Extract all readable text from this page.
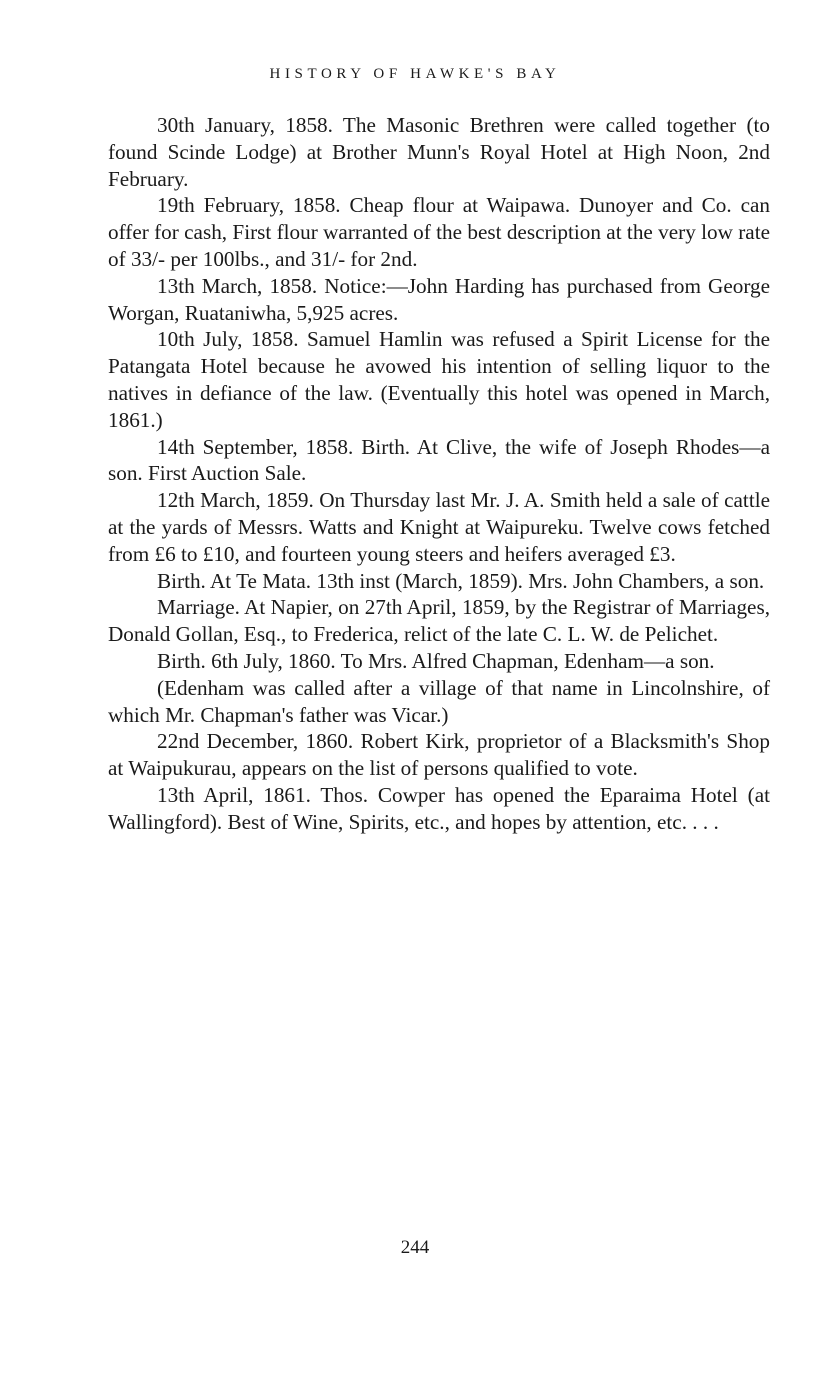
HISTORY OF HAWKE'S BAY

30th January, 1858. The Masonic Brethren were called together (to found Scinde Lodge) at Brother Munn's Royal Hotel at High Noon, 2nd February.

19th February, 1858. Cheap flour at Waipawa. Dunoyer and Co. can offer for cash, First flour warranted of the best description at the very low rate of 33/- per 100lbs., and 31/- for 2nd.

13th March, 1858. Notice:—John Harding has purchased from George Worgan, Ruataniwha, 5,925 acres.

10th July, 1858. Samuel Hamlin was refused a Spirit License for the Patangata Hotel because he avowed his intention of selling liquor to the natives in defiance of the law. (Eventually this hotel was opened in March, 1861.)

14th September, 1858. Birth. At Clive, the wife of Joseph Rhodes—a son. First Auction Sale.

12th March, 1859. On Thursday last Mr. J. A. Smith held a sale of cattle at the yards of Messrs. Watts and Knight at Waipureku. Twelve cows fetched from £6 to £10, and fourteen young steers and heifers averaged £3.

Birth. At Te Mata. 13th inst (March, 1859). Mrs. John Chambers, a son.

Marriage. At Napier, on 27th April, 1859, by the Registrar of Marriages, Donald Gollan, Esq., to Frederica, relict of the late C. L. W. de Pelichet.

Birth. 6th July, 1860. To Mrs. Alfred Chapman, Edenham—a son.

(Edenham was called after a village of that name in Lincolnshire, of which Mr. Chapman's father was Vicar.)

22nd December, 1860. Robert Kirk, proprietor of a Blacksmith's Shop at Waipukurau, appears on the list of persons qualified to vote.

13th April, 1861. Thos. Cowper has opened the Eparaima Hotel (at Wallingford). Best of Wine, Spirits, etc., and hopes by attention, etc. . . .

244
